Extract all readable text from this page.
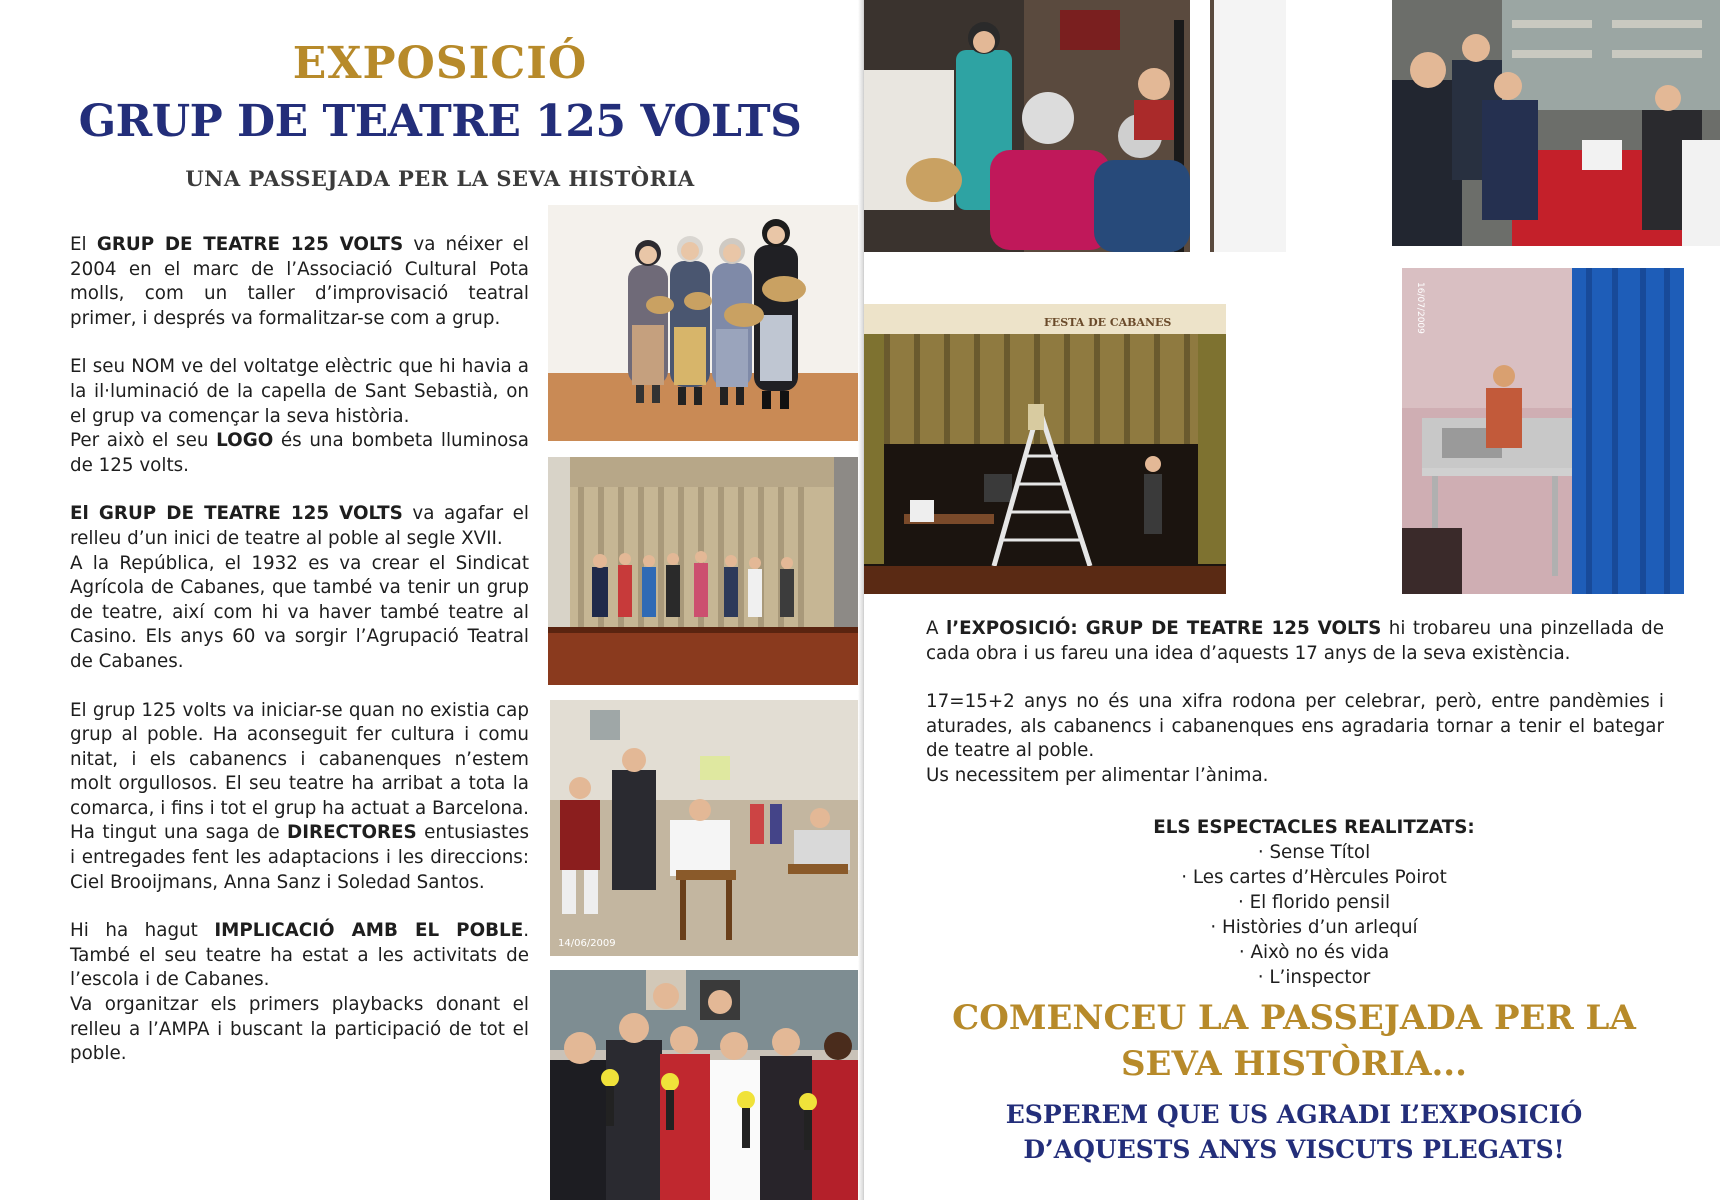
EXPOSICIÓ
GRUP DE TEATRE 125 VOLTS
UNA PASSEJADA PER LA SEVA HISTÒRIA

El GRUP DE TEATRE 125 VOLTS va néixer el 2004 en el marc de l’Associació Cultural Pota molls, com un taller d’improvisació teatral primer, i després va formalitzar-se com a grup.

El seu NOM ve del voltatge elèctric que hi havia a la il·luminació de la capella de Sant Sebastià, on el grup va començar la seva història.
Per això el seu LOGO és una bombeta lluminosa de 125 volts.

El GRUP DE TEATRE 125 VOLTS va agafar el relleu d’un inici de teatre al poble al segle XVII.
A la República, el 1932 es va crear el Sindicat Agrícola de Cabanes, que també va tenir un grup de teatre, així com hi va haver també teatre al Casino. Els anys 60 va sorgir l’Agrupació Teatral de Cabanes.

El grup 125 volts va iniciar-se quan no existia cap grup al poble. Ha aconseguit fer cultura i comu nitat, i els cabanencs i cabanenques n’estem molt orgullosos. El seu teatre ha arribat a tota la comarca, i fins i tot el grup ha actuat a Barcelona. Ha tingut una saga de DIRECTORES entusiastes i entregades fent les adaptacions i les direccions: Ciel Brooijmans, Anna Sanz i Soledad Santos.

Hi ha hagut IMPLICACIÓ AMB EL POBLE. També el seu teatre ha estat a les activitats de l’escola i de Cabanes.
Va organitzar els primers playbacks donant el relleu a l’AMPA i buscant la participació de tot el poble.

14/06/2009
FESTA DE CABANES	16/07/2009

A l’EXPOSICIÓ: GRUP DE TEATRE 125 VOLTS hi trobareu una pinzellada de cada obra i us fareu una idea d’aquests 17 anys de la seva existència.

17=15+2 anys no és una xifra rodona per celebrar, però, entre pandèmies i aturades, als cabanencs i cabanenques ens agradaria tornar a tenir el bategar de teatre al poble.
Us necessitem per alimentar l’ànima.

ELS ESPECTACLES REALITZATS:
· Sense Títol
· Les cartes d’Hèrcules Poirot
· El florido pensil
· Històries d’un arlequí
· Això no és vida
· L’inspector
COMENCEU LA PASSEJADA PER LA
SEVA HISTÒRIA...
ESPEREM QUE US AGRADI L’EXPOSICIÓ
D’AQUESTS ANYS VISCUTS PLEGATS!
